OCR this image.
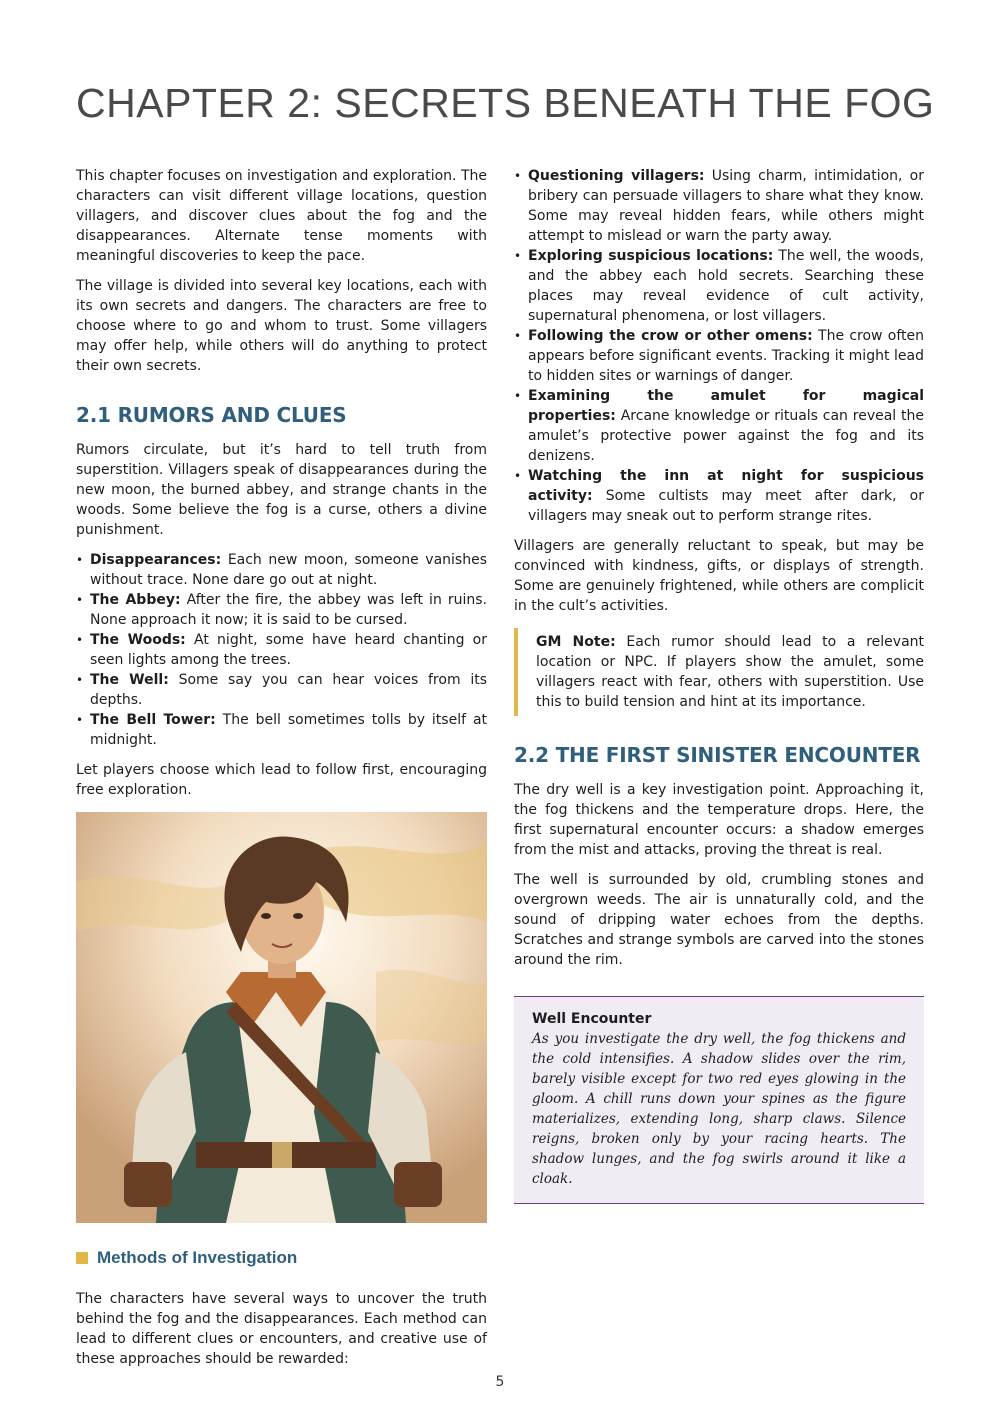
CHAPTER 2: SECRETS BENEATH THE FOG

This chapter focuses on investigation and exploration. The characters can visit different village locations, question villagers, and discover clues about the fog and the disappearances. Alternate tense moments with meaningful discoveries to keep the pace.

The village is divided into several key locations, each with its own secrets and dangers. The characters are free to choose where to go and whom to trust. Some villagers may offer help, while others will do anything to protect their own secrets.

2.1 RUMORS AND CLUES

Rumors circulate, but it’s hard to tell truth from superstition. Villagers speak of disappearances during the new moon, the burned abbey, and strange chants in the woods. Some believe the fog is a curse, others a divine punishment.

• Disappearances: Each new moon, someone vanishes without trace. None dare go out at night.
• The Abbey: After the fire, the abbey was left in ruins. None approach it now; it is said to be cursed.
• The Woods: At night, some have heard chanting or seen lights among the trees.
• The Well: Some say you can hear voices from its depths.
• The Bell Tower: The bell sometimes tolls by itself at midnight.

Let players choose which lead to follow first, encouraging free exploration.

Methods of Investigation

The characters have several ways to uncover the truth behind the fog and the disappearances. Each method can lead to different clues or encounters, and creative use of these approaches should be rewarded:

• Questioning villagers: Using charm, intimidation, or bribery can persuade villagers to share what they know. Some may reveal hidden fears, while others might attempt to mislead or warn the party away.
• Exploring suspicious locations: The well, the woods, and the abbey each hold secrets. Searching these places may reveal evidence of cult activity, supernatural phenomena, or lost villagers.
• Following the crow or other omens: The crow often appears before significant events. Tracking it might lead to hidden sites or warnings of danger.
• Examining the amulet for magical properties: Arcane knowledge or rituals can reveal the amulet’s protective power against the fog and its denizens.
• Watching the inn at night for suspicious activity: Some cultists may meet after dark, or villagers may sneak out to perform strange rites.

Villagers are generally reluctant to speak, but may be convinced with kindness, gifts, or displays of strength. Some are genuinely frightened, while others are complicit in the cult’s activities.

GM Note: Each rumor should lead to a relevant location or NPC. If players show the amulet, some villagers react with fear, others with superstition. Use this to build tension and hint at its importance.

2.2 THE FIRST SINISTER ENCOUNTER

The dry well is a key investigation point. Approaching it, the fog thickens and the temperature drops. Here, the first supernatural encounter occurs: a shadow emerges from the mist and attacks, proving the threat is real.

The well is surrounded by old, crumbling stones and overgrown weeds. The air is unnaturally cold, and the sound of dripping water echoes from the depths. Scratches and strange symbols are carved into the stones around the rim.

Well Encounter

As you investigate the dry well, the fog thickens and the cold intensifies. A shadow slides over the rim, barely visible except for two red eyes glowing in the gloom. A chill runs down your spines as the figure materializes, extending long, sharp claws. Silence reigns, broken only by your racing hearts. The shadow lunges, and the fog swirls around it like a cloak.

5
